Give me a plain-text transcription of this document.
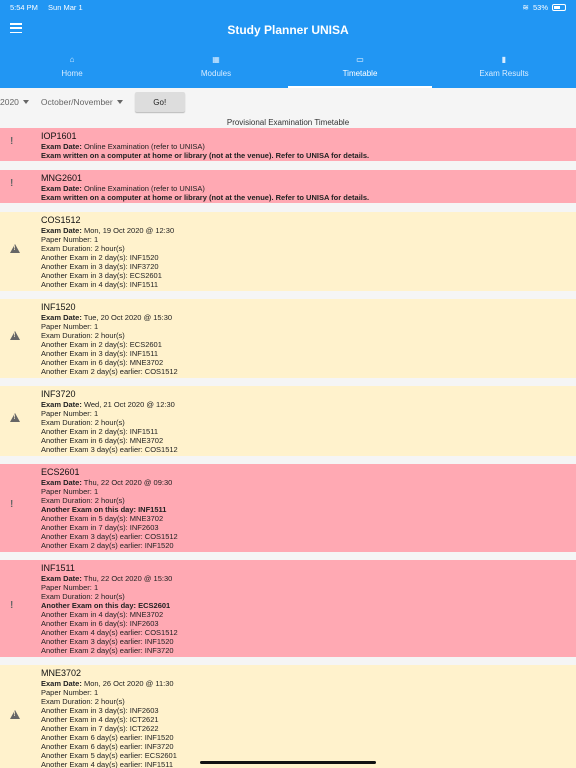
5:54 PM Sun Mar 1	≋ 53%
Study Planner UNISA
⌂
Home
▦
Modules
▭
Timetable
▮
Exam Results
2020	October/November	Go!
Provisional Examination Timetable
!	IOP1601
Exam Date: Online Examination (refer to UNISA)
Exam written on a computer at home or library (not at the venue). Refer to UNISA for details.
!	MNG2601
Exam Date: Online Examination (refer to UNISA)
Exam written on a computer at home or library (not at the venue). Refer to UNISA for details.
!
COS1512
Exam Date: Mon, 19 Oct 2020 @ 12:30
Paper Number: 1
Exam Duration: 2 hour(s)
Another Exam in 2 day(s): INF1520
Another Exam in 3 day(s): INF3720
Another Exam in 3 day(s): ECS2601
Another Exam in 4 day(s): INF1511
!
INF1520
Exam Date: Tue, 20 Oct 2020 @ 15:30
Paper Number: 1
Exam Duration: 2 hour(s)
Another Exam in 2 day(s): ECS2601
Another Exam in 3 day(s): INF1511
Another Exam in 6 day(s): MNE3702
Another Exam 2 day(s) earlier: COS1512
!
INF3720
Exam Date: Wed, 21 Oct 2020 @ 12:30
Paper Number: 1
Exam Duration: 2 hour(s)
Another Exam in 2 day(s): INF1511
Another Exam in 6 day(s): MNE3702
Another Exam 3 day(s) earlier: COS1512
!
ECS2601
Exam Date: Thu, 22 Oct 2020 @ 09:30
Paper Number: 1
Exam Duration: 2 hour(s)
Another Exam on this day: INF1511
Another Exam in 5 day(s): MNE3702
Another Exam in 7 day(s): INF2603
Another Exam 3 day(s) earlier: COS1512
Another Exam 2 day(s) earlier: INF1520
!
INF1511
Exam Date: Thu, 22 Oct 2020 @ 15:30
Paper Number: 1
Exam Duration: 2 hour(s)
Another Exam on this day: ECS2601
Another Exam in 4 day(s): MNE3702
Another Exam in 6 day(s): INF2603
Another Exam 4 day(s) earlier: COS1512
Another Exam 3 day(s) earlier: INF1520
Another Exam 2 day(s) earlier: INF3720
!
MNE3702
Exam Date: Mon, 26 Oct 2020 @ 11:30
Paper Number: 1
Exam Duration: 2 hour(s)
Another Exam in 3 day(s): INF2603
Another Exam in 4 day(s): ICT2621
Another Exam in 7 day(s): ICT2622
Another Exam 6 day(s) earlier: INF1520
Another Exam 6 day(s) earlier: INF3720
Another Exam 5 day(s) earlier: ECS2601
Another Exam 4 day(s) earlier: INF1511
